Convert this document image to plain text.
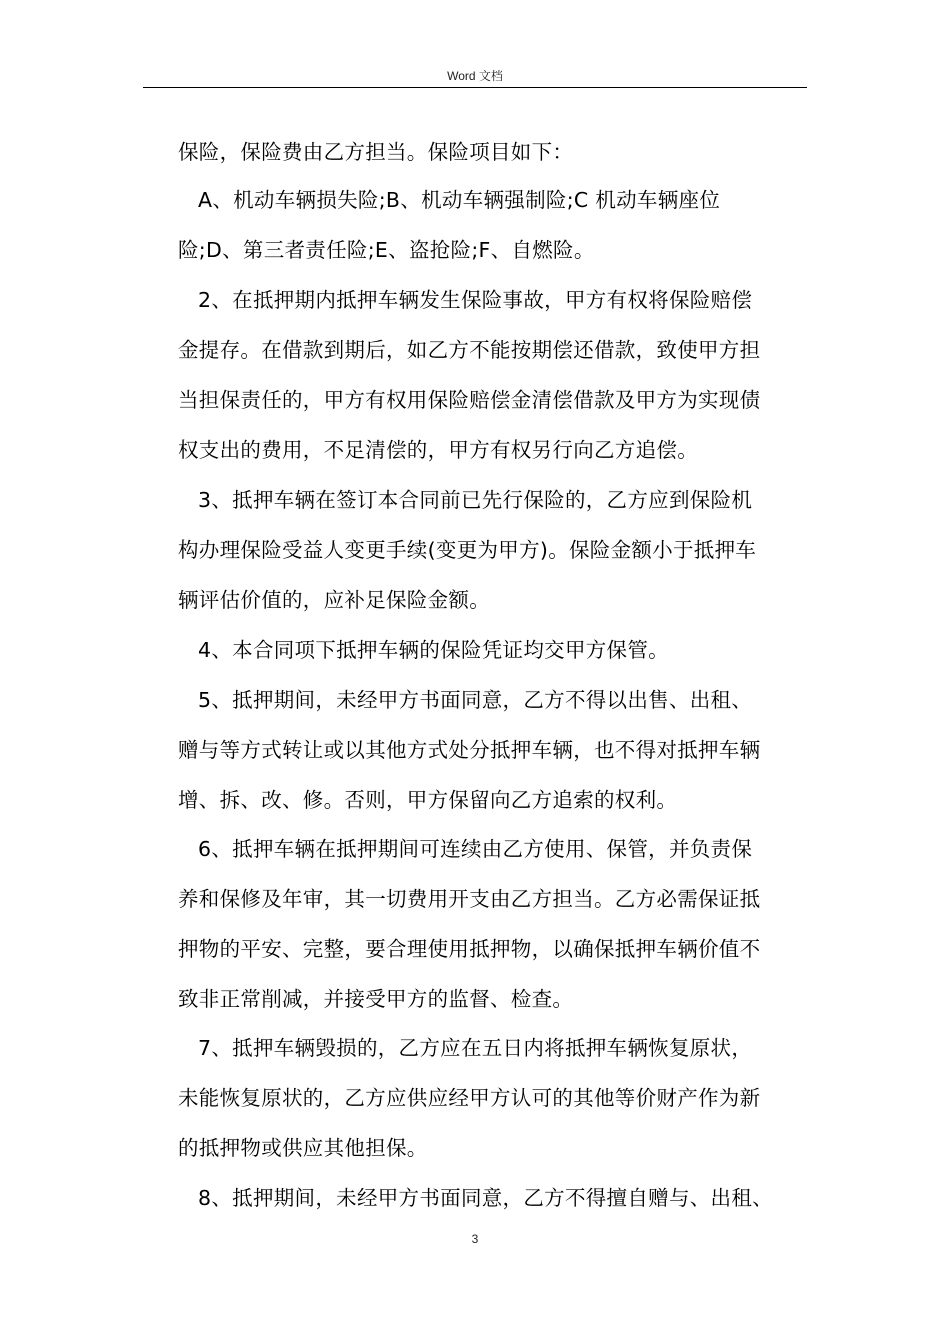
Word 文档
保险，保险费由乙方担当。保险项目如下：
A、机动车辆损失险;B、机动车辆强制险;C 机动车辆座位
险;D、第三者责任险;E、盗抢险;F、自燃险。
2、在抵押期内抵押车辆发生保险事故，甲方有权将保险赔偿
金提存。在借款到期后，如乙方不能按期偿还借款，致使甲方担
当担保责任的，甲方有权用保险赔偿金清偿借款及甲方为实现债
权支出的费用，不足清偿的，甲方有权另行向乙方追偿。
3、抵押车辆在签订本合同前已先行保险的，乙方应到保险机
构办理保险受益人变更手续(变更为甲方)。保险金额小于抵押车
辆评估价值的，应补足保险金额。
4、本合同项下抵押车辆的保险凭证均交甲方保管。
5、抵押期间，未经甲方书面同意，乙方不得以出售、出租、
赠与等方式转让或以其他方式处分抵押车辆，也不得对抵押车辆
增、拆、改、修。否则，甲方保留向乙方追索的权利。
6、抵押车辆在抵押期间可连续由乙方使用、保管，并负责保
养和保修及年审，其一切费用开支由乙方担当。乙方必需保证抵
押物的平安、完整，要合理使用抵押物，以确保抵押车辆价值不
致非正常削减，并接受甲方的监督、检查。
7、抵押车辆毁损的，乙方应在五日内将抵押车辆恢复原状，
未能恢复原状的，乙方应供应经甲方认可的其他等价财产作为新
的抵押物或供应其他担保。
8、抵押期间，未经甲方书面同意，乙方不得擅自赠与、出租、
3
